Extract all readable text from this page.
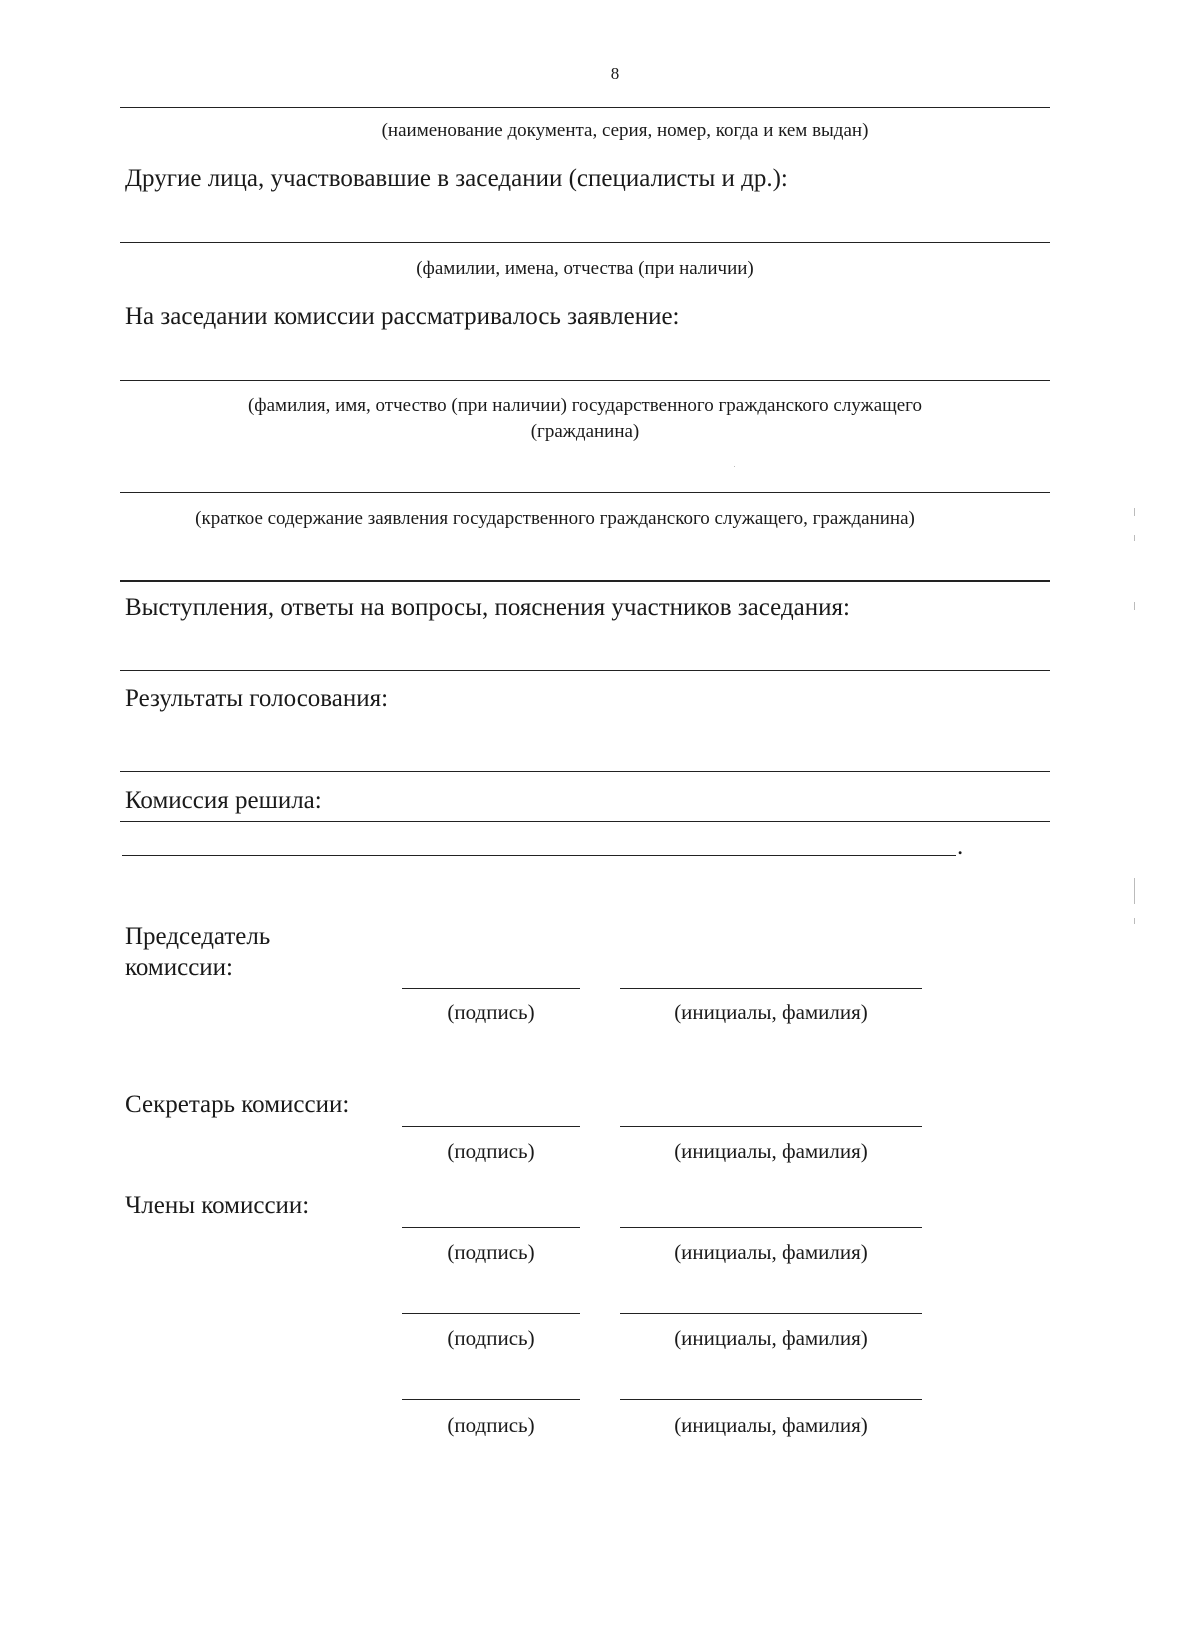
8
(наименование документа, серия, номер, когда и кем выдан)
Другие лица, участвовавшие в заседании (специалисты и др.):
(фамилии, имена, отчества (при наличии)
На заседании комиссии рассматривалось заявление:
(фамилия, имя, отчество (при наличии) государственного гражданского служащего
(гражданина)
(краткое содержание заявления государственного гражданского служащего, гражданина)
Выступления, ответы на вопросы, пояснения участников заседания:
Результаты голосования:
Комиссия решила:
.
Председатель
комиссии:
(подпись)	(инициалы, фамилия)
Секретарь комиссии:
(подпись)	(инициалы, фамилия)
Члены комиссии:
(подпись)	(инициалы, фамилия)
(подпись)	(инициалы, фамилия)
(подпись)	(инициалы, фамилия)
